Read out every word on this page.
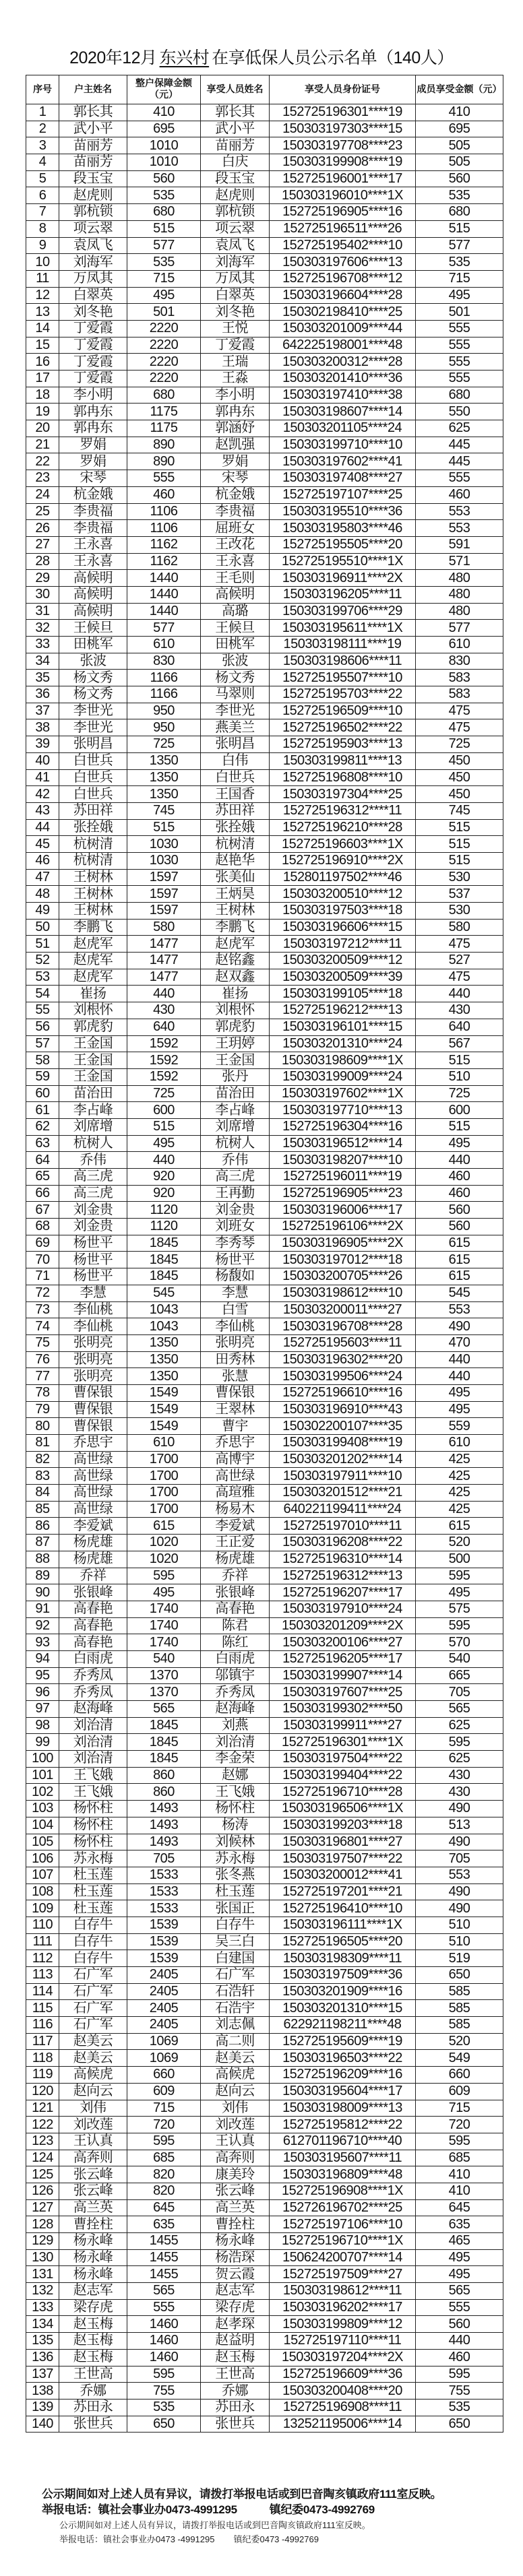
2020年12月 东兴村 在享低保人员公示名单（140人）
序号	户主姓名	整户保障金额（元）	享受人员姓名	享受人员身份证号	成员享受金额（元）
1	郭长其	410	郭长其	152725196301****19	410
2	武小平	695	武小平	150303197303****15	695
3	苗丽芳	1010	苗丽芳	150303197708****23	505
4	苗丽芳	1010	白庆	150303199908****19	505
5	段玉宝	560	段玉宝	152725196001****17	560
6	赵虎则	535	赵虎则	150303196010****1X	535
7	郭杭锁	680	郭杭锁	152725196905****16	680
8	项云翠	515	项云翠	152725196511****26	515
9	袁凤飞	577	袁凤飞	152725195402****10	577
10	刘海军	535	刘海军	150303197606****13	535
11	万凤其	715	万凤其	152725196708****12	715
12	白翠英	495	白翠英	150303196604****28	495
13	刘冬艳	501	刘冬艳	150302198410****25	501
14	丁爱霞	2220	王悦	150303201009****44	555
15	丁爱霞	2220	丁爱霞	642225198001****48	555
16	丁爱霞	2220	王瑞	150303200312****28	555
17	丁爱霞	2220	王淼	150303201410****36	555
18	李小明	680	李小明	150303197410****38	680
19	郭冉东	1175	郭冉东	150303198607****14	550
20	郭冉东	1175	郭涵妤	150303201105****24	625
21	罗娟	890	赵凯强	150303199710****10	445
22	罗娟	890	罗娟	150303197602****41	445
23	宋琴	555	宋琴	150303197408****27	555
24	杭金娥	460	杭金娥	152725197107****25	460
25	李贵福	1106	李贵福	150303195510****36	553
26	李贵福	1106	屈班女	150303195803****46	553
27	王永喜	1162	王改花	152725195505****20	591
28	王永喜	1162	王永喜	152725195510****1X	571
29	高候明	1440	王毛则	150303196911****2X	480
30	高候明	1440	高候明	150303196205****11	480
31	高候明	1440	高璐	150303199706****29	480
32	王候旦	577	王候旦	150303195611****1X	577
33	田桃军	610	田桃军	150303198111****19	610
34	张波	830	张波	150303198606****11	830
35	杨文秀	1166	杨文秀	152725195507****10	583
36	杨文秀	1166	马翠则	152725195703****22	583
37	李世光	950	李世光	152725196509****10	475
38	李世光	950	燕美兰	152725196502****22	475
39	张明昌	725	张明昌	152725195903****13	725
40	白世兵	1350	白伟	150303199811****13	450
41	白世兵	1350	白世兵	152725196808****10	450
42	白世兵	1350	王国香	150303197304****25	450
43	苏田祥	745	苏田祥	152725196312****11	745
44	张拴娥	515	张拴娥	152725196210****28	515
45	杭树清	1030	杭树清	152725196603****1X	515
46	杭树清	1030	赵艳华	152725196910****2X	515
47	王树林	1597	张美仙	152801197502****46	530
48	王树林	1597	王炳昊	150303200510****12	537
49	王树林	1597	王树林	150303197503****18	530
50	李鹏飞	580	李鹏飞	150303196606****15	580
51	赵虎军	1477	赵虎军	150303197212****11	475
52	赵虎军	1477	赵铭鑫	150303200509****12	527
53	赵虎军	1477	赵双鑫	150303200509****39	475
54	崔扬	440	崔扬	150303199105****18	440
55	刘根怀	430	刘根怀	152725196212****13	430
56	郭虎豹	640	郭虎豹	150303196101****15	640
57	王金国	1592	王玥婷	150303201310****24	567
58	王金国	1592	王金国	150303198609****1X	515
59	王金国	1592	张丹	150303199009****24	510
60	苗治田	725	苗治田	150303197602****1X	725
61	李占峰	600	李占峰	150303197710****13	600
62	刘席增	515	刘席增	152725196304****16	515
63	杭树人	495	杭树人	150303196512****14	495
64	乔伟	440	乔伟	150303198207****10	440
65	高三虎	920	高三虎	152725196011****19	460
66	高三虎	920	王再勤	152725196905****23	460
67	刘金贵	1120	刘金贵	150303196006****17	560
68	刘金贵	1120	刘班女	152725196106****2X	560
69	杨世平	1845	李秀琴	150303196905****2X	615
70	杨世平	1845	杨世平	150303197012****18	615
71	杨世平	1845	杨馥如	150303200705****26	615
72	李慧	545	李慧	150303198612****10	545
73	李仙桃	1043	白雪	150303200011****27	553
74	李仙桃	1043	李仙桃	150303196708****28	490
75	张明亮	1350	张明亮	152725195603****11	470
76	张明亮	1350	田秀林	150303196302****20	440
77	张明亮	1350	张慧	150303199506****24	440
78	曹保银	1549	曹保银	152725196610****16	495
79	曹保银	1549	王翠林	150303196910****43	495
80	曹保银	1549	曹宇	150302200107****35	559
81	乔思宇	610	乔思宇	150303199408****19	610
82	高世绿	1700	高博宇	150303201202****14	425
83	高世绿	1700	高世绿	150303197911****10	425
84	高世绿	1700	高瑄雅	150303201512****21	425
85	高世绿	1700	杨易木	640221199411****24	425
86	李爱斌	615	李爱斌	152725197010****11	615
87	杨虎雄	1020	王正爱	150303196208****22	520
88	杨虎雄	1020	杨虎雄	152725196310****14	500
89	乔祥	595	乔祥	152725196312****13	595
90	张银峰	495	张银峰	152725196207****17	495
91	高春艳	1740	高春艳	150303197910****24	575
92	高春艳	1740	陈君	150303201209****2X	595
93	高春艳	1740	陈红	150303200106****27	570
94	白雨虎	540	白雨虎	152725196205****17	540
95	乔秀凤	1370	邬镇宇	150303199907****14	665
96	乔秀凤	1370	乔秀凤	150303197607****25	705
97	赵海峰	565	赵海峰	150303199302****50	565
98	刘治清	1845	刘燕	150303199911****27	625
99	刘治清	1845	刘治清	152725196301****1X	595
100	刘治清	1845	李金荣	150303197504****22	625
101	王飞娥	860	赵娜	150303199404****22	430
102	王飞娥	860	王飞娥	152725196710****28	430
103	杨怀柱	1493	杨怀柱	150303196506****1X	490
104	杨怀柱	1493	杨涛	150303199203****18	513
105	杨怀柱	1493	刘候林	150303196801****27	490
106	苏永梅	705	苏永梅	150303197507****22	705
107	杜玉莲	1533	张冬燕	150303200012****41	553
108	杜玉莲	1533	杜玉莲	152725197201****21	490
109	杜玉莲	1533	张国正	152725196410****10	490
110	白存牛	1539	白存牛	150303196111****1X	510
111	白存牛	1539	吴三白	152725196505****20	510
112	白存牛	1539	白建国	150303198309****11	519
113	石广军	2405	石广军	150303197509****36	650
114	石广军	2405	石浩轩	150303201909****16	585
115	石广军	2405	石浩宇	150303201310****15	585
116	石广军	2405	刘志佩	622921198211****48	585
117	赵美云	1069	高二则	152725195609****19	520
118	赵美云	1069	赵美云	150303196503****22	549
119	高候虎	660	高候虎	152725196209****16	660
120	赵向云	609	赵向云	150303195604****17	609
121	刘伟	715	刘伟	150303198009****13	715
122	刘改莲	720	刘改莲	152725195812****22	720
123	王认真	595	王认真	612701196710****40	595
124	高奔则	685	高奔则	150303195607****11	685
125	张云峰	820	康美玲	150303196809****48	410
126	张云峰	820	张云峰	152725196908****1X	410
127	高兰英	645	高兰英	152726196702****25	645
128	曹拴柱	635	曹拴柱	152725197106****10	635
129	杨永峰	1455	杨永峰	152725196710****1X	465
130	杨永峰	1455	杨浩琛	150624200707****14	495
131	杨永峰	1455	贺云霞	152725197509****27	495
132	赵志军	565	赵志军	150303198612****11	565
133	梁存虎	555	梁存虎	150303196202****17	555
134	赵玉梅	1460	赵孝琛	150303199809****12	560
135	赵玉梅	1460	赵益明	152725197110****11	440
136	赵玉梅	1460	赵玉梅	150303197204****2X	460
137	王世高	595	王世高	152725196609****36	595
138	乔娜	755	乔娜	150303200408****20	755
139	苏田永	535	苏田永	152725196908****11	535
140	张世兵	650	张世兵	132521195006****14	650
公示期间如对上述人员有异议，请拨打举报电话或到巴音陶亥镇政府111室反映。
举报电话：镇社会事业办0473-4991295	镇纪委0473-4992769
公示期间如对上述人员有异议，请拨打举报电话或到巴音陶亥镇政府111室反映。
举报电话：镇社会事业办0473 -4991295 镇纪委0473 -4992769
